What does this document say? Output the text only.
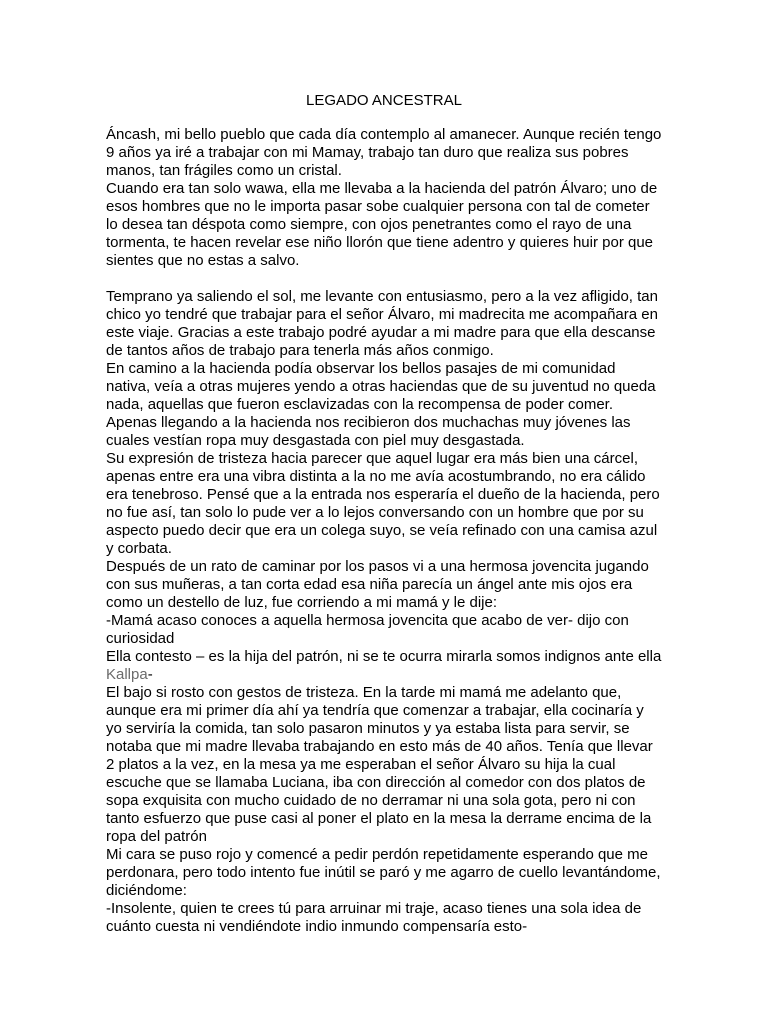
LEGADO ANCESTRAL

Áncash, mi bello pueblo que cada día contemplo al amanecer. Aunque recién tengo 9 años ya iré a trabajar con mi Mamay, trabajo tan duro que realiza sus pobres manos, tan frágiles como un cristal.

Cuando era tan solo wawa, ella me llevaba a la hacienda del patrón Álvaro; uno de esos hombres que no le importa pasar sobe cualquier persona con tal de cometer lo desea tan déspota como siempre, con ojos penetrantes como el rayo de una tormenta, te hacen revelar ese niño llorón que tiene adentro y quieres huir por que sientes que no estas a salvo.

Temprano ya saliendo el sol, me levante con entusiasmo, pero a la vez afligido, tan chico yo tendré que trabajar para el señor Álvaro, mi madrecita me acompañara en este viaje. Gracias a este trabajo podré ayudar a mi madre para que ella descanse de tantos años de trabajo para tenerla más años conmigo.

En camino a la hacienda podía observar los bellos pasajes de mi comunidad nativa, veía a otras mujeres yendo a otras haciendas que de su juventud no queda nada, aquellas que fueron esclavizadas con la recompensa de poder comer.

Apenas llegando a la hacienda nos recibieron dos muchachas muy jóvenes las cuales vestían ropa muy desgastada con piel muy desgastada.

Su expresión de tristeza hacia parecer que aquel lugar era más bien una cárcel, apenas entre era una vibra distinta a la no me avía acostumbrando, no era cálido era tenebroso. Pensé que a la entrada nos esperaría el dueño de la hacienda, pero no fue así, tan solo lo pude ver a lo lejos conversando con un hombre que por su aspecto puedo decir que era un colega suyo, se veía refinado con una camisa azul y corbata.

Después de un rato de caminar por los pasos vi a una hermosa jovencita jugando con sus muñeras, a tan corta edad esa niña parecía un ángel ante mis ojos era como un destello de luz, fue corriendo a mi mamá y le dije:

-Mamá acaso conoces a aquella hermosa jovencita que acabo de ver- dijo con curiosidad

Ella contesto – es la hija del patrón, ni se te ocurra mirarla somos indignos ante ella Kallpa-

El bajo si rosto con gestos de tristeza. En la tarde mi mamá me adelanto que, aunque era mi primer día ahí ya tendría que comenzar a trabajar, ella cocinaría y yo serviría la comida, tan solo pasaron minutos y ya estaba lista para servir, se notaba que mi madre llevaba trabajando en esto más de 40 años. Tenía que llevar 2 platos a la vez, en la mesa ya me esperaban el señor Álvaro su hija la cual escuche que se llamaba Luciana, iba con dirección al comedor con dos platos de sopa exquisita con mucho cuidado de no derramar ni una sola gota, pero ni con tanto esfuerzo que puse casi al poner el plato en la mesa la derrame encima de la ropa del patrón

Mi cara se puso rojo y comencé a pedir perdón repetidamente esperando que me perdonara, pero todo intento fue inútil se paró y me agarro de cuello levantándome, diciéndome:

-Insolente, quien te crees tú para arruinar mi traje, acaso tienes una sola idea de cuánto cuesta ni vendiéndote indio inmundo compensaría esto-
